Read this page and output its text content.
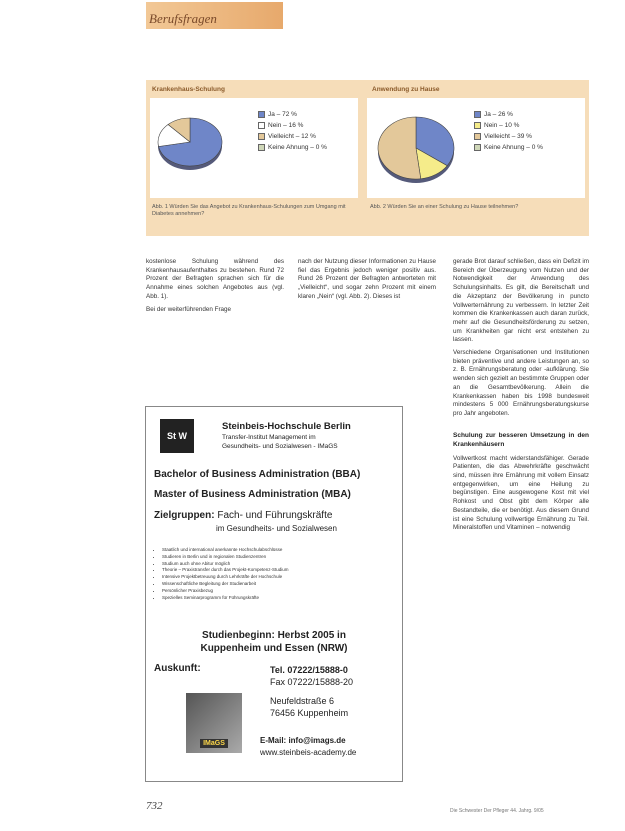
Berufsfragen
Krankenhaus-Schulung
Ja – 72 %
Nein – 16 %
Vielleicht – 12 %
Keine Ahnung – 0 %
Abb. 1 Würden Sie das Angebot zu Krankenhaus-Schulungen zum Umgang mit Diabetes annehmen?
Anwendung zu Hause
Ja – 26 %
Nein – 10 %
Vielleicht – 39 %
Keine Ahnung – 0 %
Abb. 2 Würden Sie an einer Schulung zu Hause teilnehmen?

kostenlose Schulung während des Krankenhausaufenthaltes zu bestehen. Rund 72 Prozent der Befragten sprachen sich für die Annahme eines solchen Angebotes aus (vgl. Abb. 1).

Bei der weiterführenden Frage

nach der Nutzung dieser Informationen zu Hause fiel das Ergebnis jedoch weniger positiv aus. Rund 26 Prozent der Befragten antworteten mit „Vielleicht“, und sogar zehn Prozent mit einem klaren „Nein“ (vgl. Abb. 2). Dieses ist

gerade Brot darauf schließen, dass ein Defizit im Bereich der Überzeugung vom Nutzen und der Notwendigkeit der Anwendung des Schulungsinhalts. Es gilt, die Bereitschaft und die Akzeptanz der Bevölkerung in puncto Vollwerternährung zu verbessern. In letzter Zeit kommen die Krankenkassen auch daran zurück, mehr auf die Gesundheitsförderung zu setzen, um Krankheiten gar nicht erst entstehen zu lassen.

Verschiedene Organisationen und Institutionen bieten präventive und andere Leistungen an, so z. B. Ernährungsberatung oder -aufklärung. Sie wenden sich gezielt an bestimmte Gruppen oder an die Gesamtbevölkerung. Allein die Krankenkassen haben bis 1998 bundesweit mindestens 5 000 Ernährungsberatungskurse pro Jahr angeboten.

Schulung zur besseren Umsetzung in den Krankenhäusern

Vollwertkost macht widerstandsfähiger. Gerade Patienten, die das Abwehrkräfte geschwächt sind, müssen ihre Ernährung mit vollem Einsatz entgegenwirken, um eine Heilung zu begünstigen. Eine ausgewogene Kost mit viel Rohkost und Obst gibt dem Körper alle Bestandteile, die er benötigt. Aus diesem Grund ist eine Schulung vollwertige Ernährung zu Teil. Mineralstoffen und Vitaminen – notwendig

St W
Steinbeis-Hochschule Berlin
Transfer-Institut Management im
Gesundheits- und Sozialwesen - IMaGS
Bachelor of Business Administration (BBA)
Master of Business Administration (MBA)
Zielgruppen: Fach- und Führungskräfte
im Gesundheits- und Sozialwesen
• Staatlich und international anerkannte Hochschulabschlüsse
• Studieren in Berlin und in regionalen Studienzentren
• Studium auch ohne Abitur möglich
• Theorie – Praxistransfer durch das Projekt-Kompetenz-Studium
• Intensive Projektbetreuung durch Lehrkräfte der Hochschule
• Wissenschaftliche Begleitung der Studienarbeit
• Persönlicher Praxisbezug
• Spezielles Seminarprogramm für Führungskräfte
Studienbeginn: Herbst 2005 in
Kuppenheim und Essen (NRW)
Auskunft:	Tel. 07222/15888-0
Fax 07222/15888-20
Neufeldstraße 6
76456 Kuppenheim
IMaGS	E-Mail: info@imags.de
www.steinbeis-academy.de
732	Die Schwester Der Pfleger 44. Jahrg. 9/05
